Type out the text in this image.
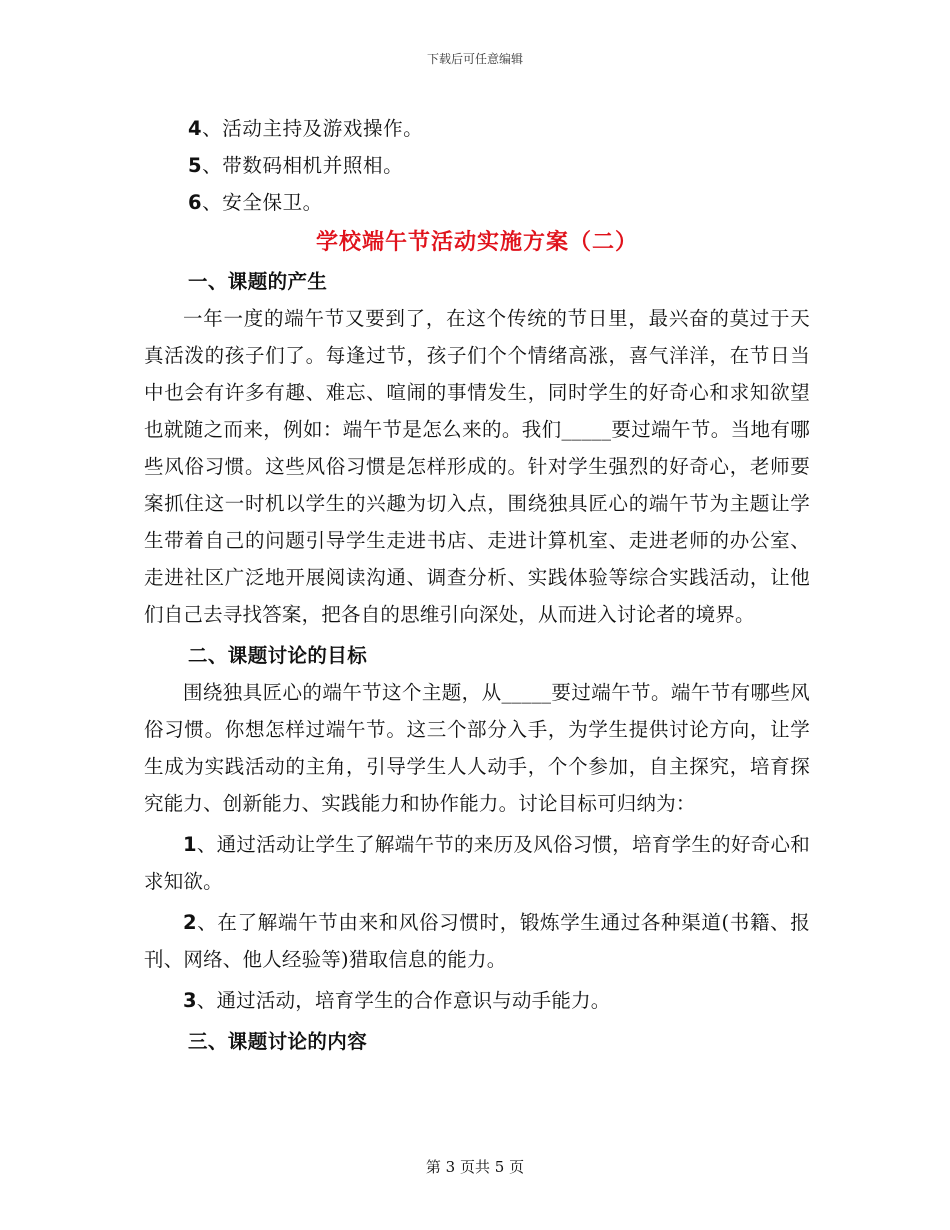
下载后可任意编辑

4、活动主持及游戏操作。

5、带数码相机并照相。

6、安全保卫。

学校端午节活动实施方案（二）

一、课题的产生

一年一度的端午节又要到了，在这个传统的节日里，最兴奋的莫过于天真活泼的孩子们了。每逢过节，孩子们个个情绪高涨，喜气洋洋，在节日当中也会有许多有趣、难忘、喧闹的事情发生，同时学生的好奇心和求知欲望也就随之而来，例如：端午节是怎么来的。我们_____要过端午节。当地有哪些风俗习惯。这些风俗习惯是怎样形成的。针对学生强烈的好奇心，老师要案抓住这一时机以学生的兴趣为切入点，围绕独具匠心的端午节为主题让学生带着自己的问题引导学生走进书店、走进计算机室、走进老师的办公室、走进社区广泛地开展阅读沟通、调查分析、实践体验等综合实践活动，让他们自己去寻找答案，把各自的思维引向深处，从而进入讨论者的境界。

二、课题讨论的目标

围绕独具匠心的端午节这个主题，从_____要过端午节。端午节有哪些风俗习惯。你想怎样过端午节。这三个部分入手，为学生提供讨论方向，让学生成为实践活动的主角，引导学生人人动手，个个参加，自主探究，培育探究能力、创新能力、实践能力和协作能力。讨论目标可归纳为：

1、通过活动让学生了解端午节的来历及风俗习惯，培育学生的好奇心和求知欲。

2、在了解端午节由来和风俗习惯时，锻炼学生通过各种渠道(书籍、报刊、网络、他人经验等)猎取信息的能力。

3、通过活动，培育学生的合作意识与动手能力。

三、课题讨论的内容

第 3 页共 5 页
